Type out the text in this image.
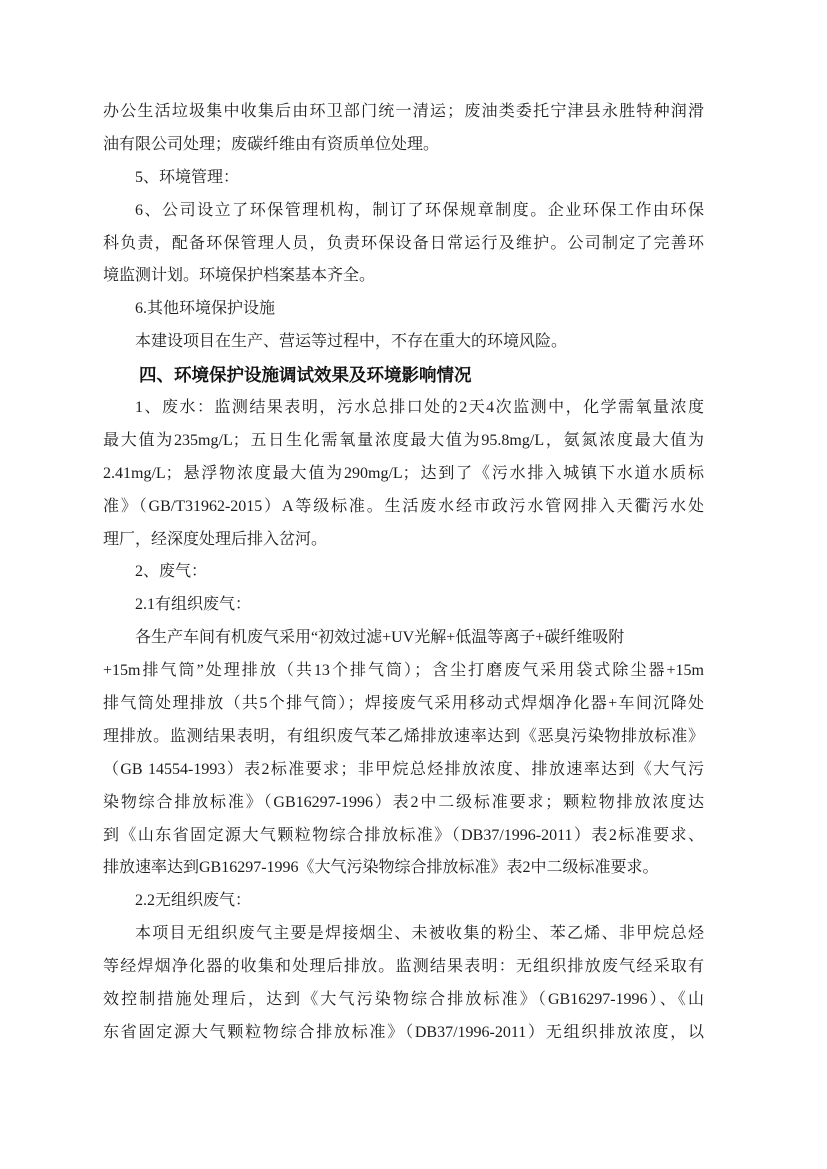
办公生活垃圾集中收集后由环卫部门统一清运；废油类委托宁津县永胜特种润滑
油有限公司处理；废碳纤维由有资质单位处理。
5、环境管理：
6、公司设立了环保管理机构，制订了环保规章制度。企业环保工作由环保
科负责，配备环保管理人员，负责环保设备日常运行及维护。公司制定了完善环
境监测计划。环境保护档案基本齐全。
6.其他环境保护设施
本建设项目在生产、营运等过程中，不存在重大的环境风险。
四、环境保护设施调试效果及环境影响情况
1、废水：监测结果表明，污水总排口处的2天4次监测中，化学需氧量浓度
最大值为235mg/L；五日生化需氧量浓度最大值为95.8mg/L，氨氮浓度最大值为
2.41mg/L；悬浮物浓度最大值为290mg/L；达到了《污水排入城镇下水道水质标
准》（GB/T31962-2015）A等级标准。生活废水经市政污水管网排入天衢污水处
理厂，经深度处理后排入岔河。
2、废气：
2.1有组织废气：
各生产车间有机废气采用“初效过滤+UV光解+低温等离子+碳纤维吸附
+15m排气筒”处理排放（共13个排气筒）；含尘打磨废气采用袋式除尘器+15m
排气筒处理排放（共5个排气筒）；焊接废气采用移动式焊烟净化器+车间沉降处
理排放。监测结果表明，有组织废气苯乙烯排放速率达到《恶臭污染物排放标准》
（GB 14554-1993）表2标准要求；非甲烷总烃排放浓度、排放速率达到《大气污
染物综合排放标准》（GB16297-1996）表2中二级标准要求；颗粒物排放浓度达
到《山东省固定源大气颗粒物综合排放标准》（DB37/1996-2011）表2标准要求、
排放速率达到GB16297-1996《大气污染物综合排放标准》表2中二级标准要求。
2.2无组织废气：
本项目无组织废气主要是焊接烟尘、未被收集的粉尘、苯乙烯、非甲烷总烃
等经焊烟净化器的收集和处理后排放。监测结果表明：无组织排放废气经采取有
效控制措施处理后，达到《大气污染物综合排放标准》（GB16297-1996）、《山
东省固定源大气颗粒物综合排放标准》（DB37/1996-2011）无组织排放浓度，以
